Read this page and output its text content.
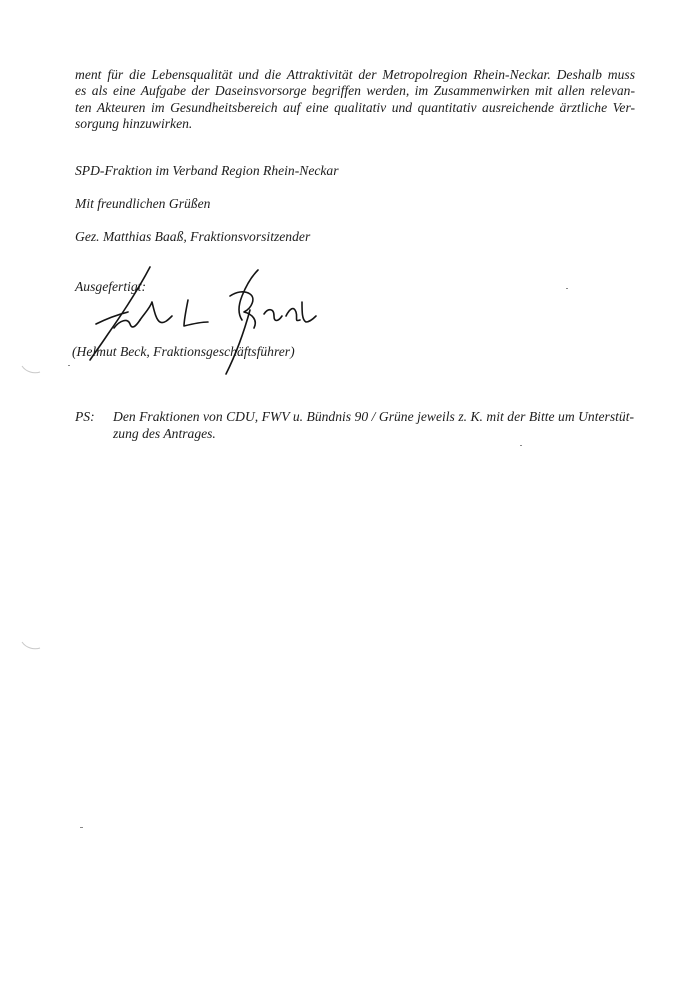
ment für die Lebensqualität und die Attraktivität der Metropolregion Rhein-Neckar. Deshalb muss
es als eine Aufgabe der Daseinsvorsorge begriffen werden, im Zusammenwirken mit allen relevan-
ten Akteuren im Gesundheitsbereich auf eine qualitativ und quantitativ ausreichende ärztliche Ver-
sorgung hinzuwirken.
SPD-Fraktion im Verband Region Rhein-Neckar
Mit freundlichen Grüßen
Gez. Matthias Baaß, Fraktionsvorsitzender
Ausgefertigt:
(Helmut Beck, Fraktionsgeschäftsführer)
PS: Den Fraktionen von CDU, FWV u. Bündnis 90 / Grüne jeweils z. K. mit der Bitte um Unterstüt-
zung des Antrages.
